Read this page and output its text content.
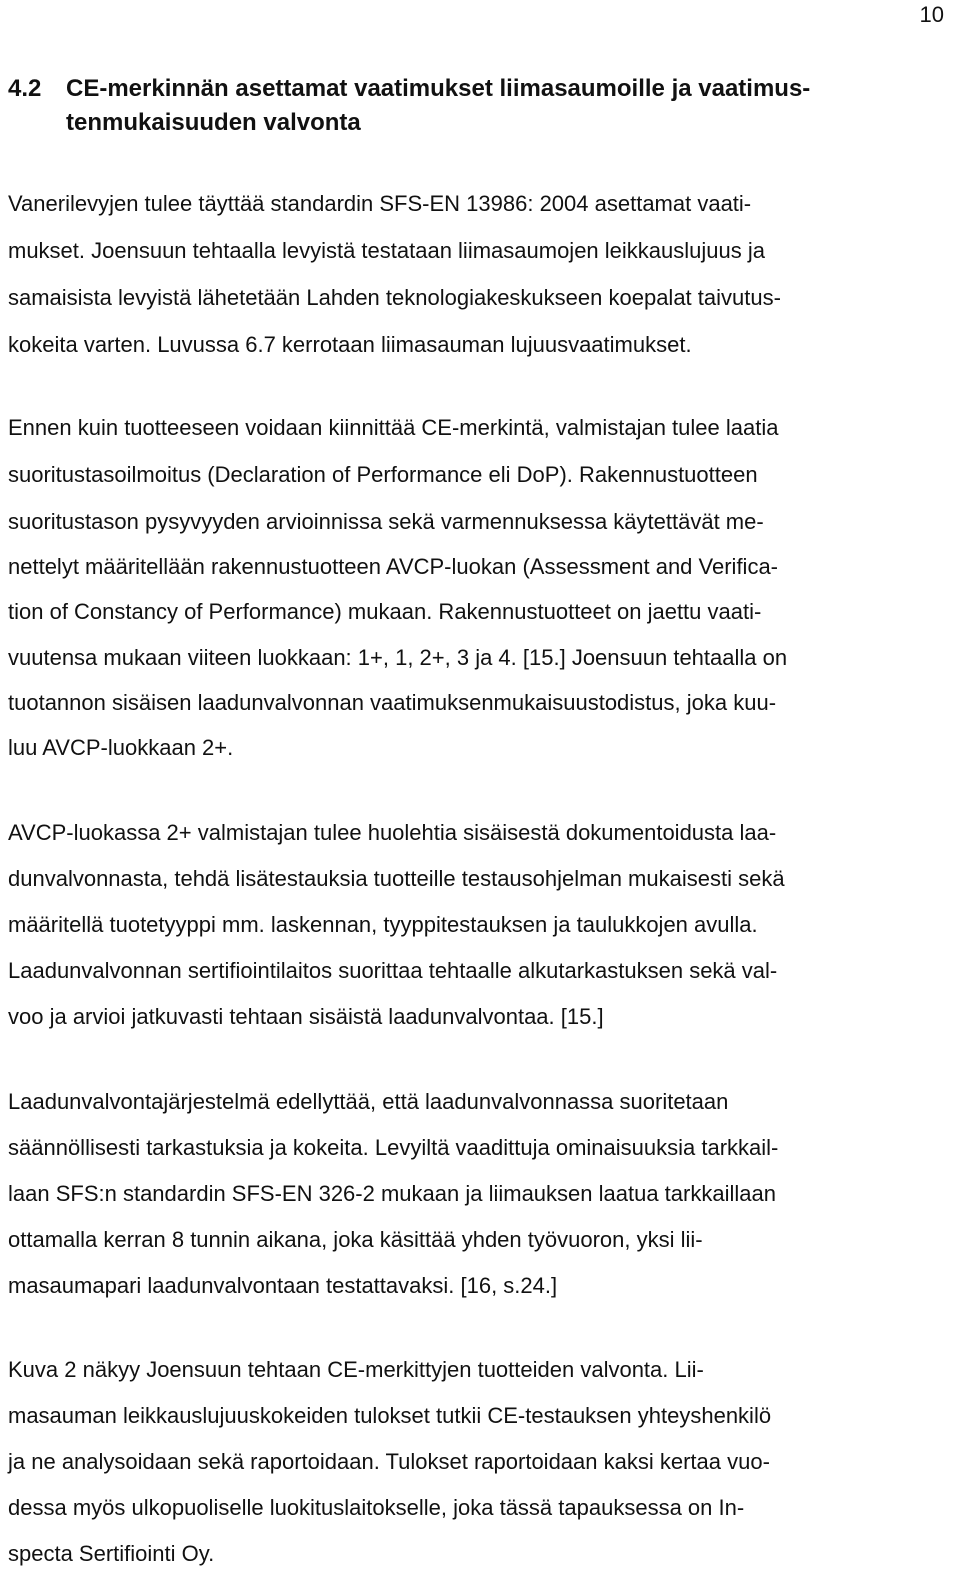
10
4.2 CE-merkinnän asettamat vaatimukset liimasaumoille ja vaatimus-
tenmukaisuuden valvonta
Vanerilevyjen tulee täyttää standardin SFS-EN 13986: 2004 asettamat vaati-
mukset. Joensuun tehtaalla levyistä testataan liimasaumojen leikkauslujuus ja
samaisista levyistä lähetetään Lahden teknologiakeskukseen koepalat taivutus-
kokeita varten. Luvussa 6.7 kerrotaan liimasauman lujuusvaatimukset.
Ennen kuin tuotteeseen voidaan kiinnittää CE-merkintä, valmistajan tulee laatia
suoritustasoilmoitus (Declaration of Performance eli DoP). Rakennustuotteen
suoritustason pysyvyyden arvioinnissa sekä varmennuksessa käytettävät me-
nettelyt määritellään rakennustuotteen AVCP-luokan (Assessment and Verifica-
tion of Constancy of Performance) mukaan. Rakennustuotteet on jaettu vaati-
vuutensa mukaan viiteen luokkaan: 1+, 1, 2+, 3 ja 4. [15.] Joensuun tehtaalla on
tuotannon sisäisen laadunvalvonnan vaatimuksenmukaisuustodistus, joka kuu-
luu AVCP-luokkaan 2+.
AVCP-luokassa 2+ valmistajan tulee huolehtia sisäisestä dokumentoidusta laa-
dunvalvonnasta, tehdä lisätestauksia tuotteille testausohjelman mukaisesti sekä
määritellä tuotetyyppi mm. laskennan, tyyppitestauksen ja taulukkojen avulla.
Laadunvalvonnan sertifiointilaitos suorittaa tehtaalle alkutarkastuksen sekä val-
voo ja arvioi jatkuvasti tehtaan sisäistä laadunvalvontaa. [15.]
Laadunvalvontajärjestelmä edellyttää, että laadunvalvonnassa suoritetaan
säännöllisesti tarkastuksia ja kokeita. Levyiltä vaadittuja ominaisuuksia tarkkail-
laan SFS:n standardin SFS-EN 326-2 mukaan ja liimauksen laatua tarkkaillaan
ottamalla kerran 8 tunnin aikana, joka käsittää yhden työvuoron, yksi lii-
masaumapari laadunvalvontaan testattavaksi. [16, s.24.]
Kuva 2 näkyy Joensuun tehtaan CE-merkittyjen tuotteiden valvonta. Lii-
masauman leikkauslujuuskokeiden tulokset tutkii CE-testauksen yhteyshenkilö
ja ne analysoidaan sekä raportoidaan. Tulokset raportoidaan kaksi kertaa vuo-
dessa myös ulkopuoliselle luokituslaitokselle, joka tässä tapauksessa on In-
specta Sertifiointi Oy.
